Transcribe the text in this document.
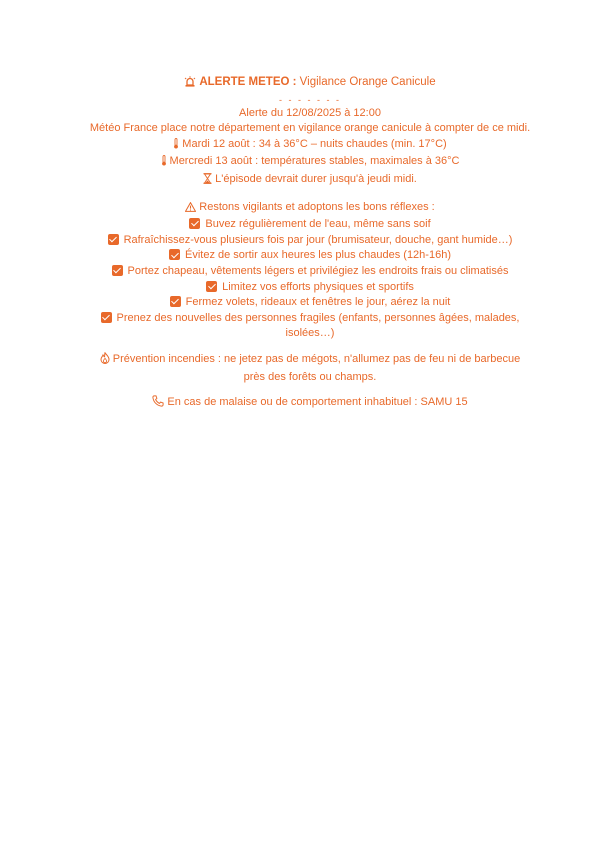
ALERTE METEO : Vigilance Orange Canicule
- - - - - - -
Alerte du 12/08/2025 à 12:00
Météo France place notre département en vigilance orange canicule à compter de ce midi.
Mardi 12 août : 34 à 36°C – nuits chaudes (min. 17°C)
Mercredi 13 août : températures stables, maximales à 36°C
L'épisode devrait durer jusqu'à jeudi midi.
Restons vigilants et adoptons les bons réflexes :
Buvez régulièrement de l'eau, même sans soif
Rafraîchissez-vous plusieurs fois par jour (brumisateur, douche, gant humide…)
Évitez de sortir aux heures les plus chaudes (12h-16h)
Portez chapeau, vêtements légers et privilégiez les endroits frais ou climatisés
Limitez vos efforts physiques et sportifs
Fermez volets, rideaux et fenêtres le jour, aérez la nuit
Prenez des nouvelles des personnes fragiles (enfants, personnes âgées, malades, isolées…)
Prévention incendies : ne jetez pas de mégots, n'allumez pas de feu ni de barbecue près des forêts ou champs.
En cas de malaise ou de comportement inhabituel : SAMU 15
